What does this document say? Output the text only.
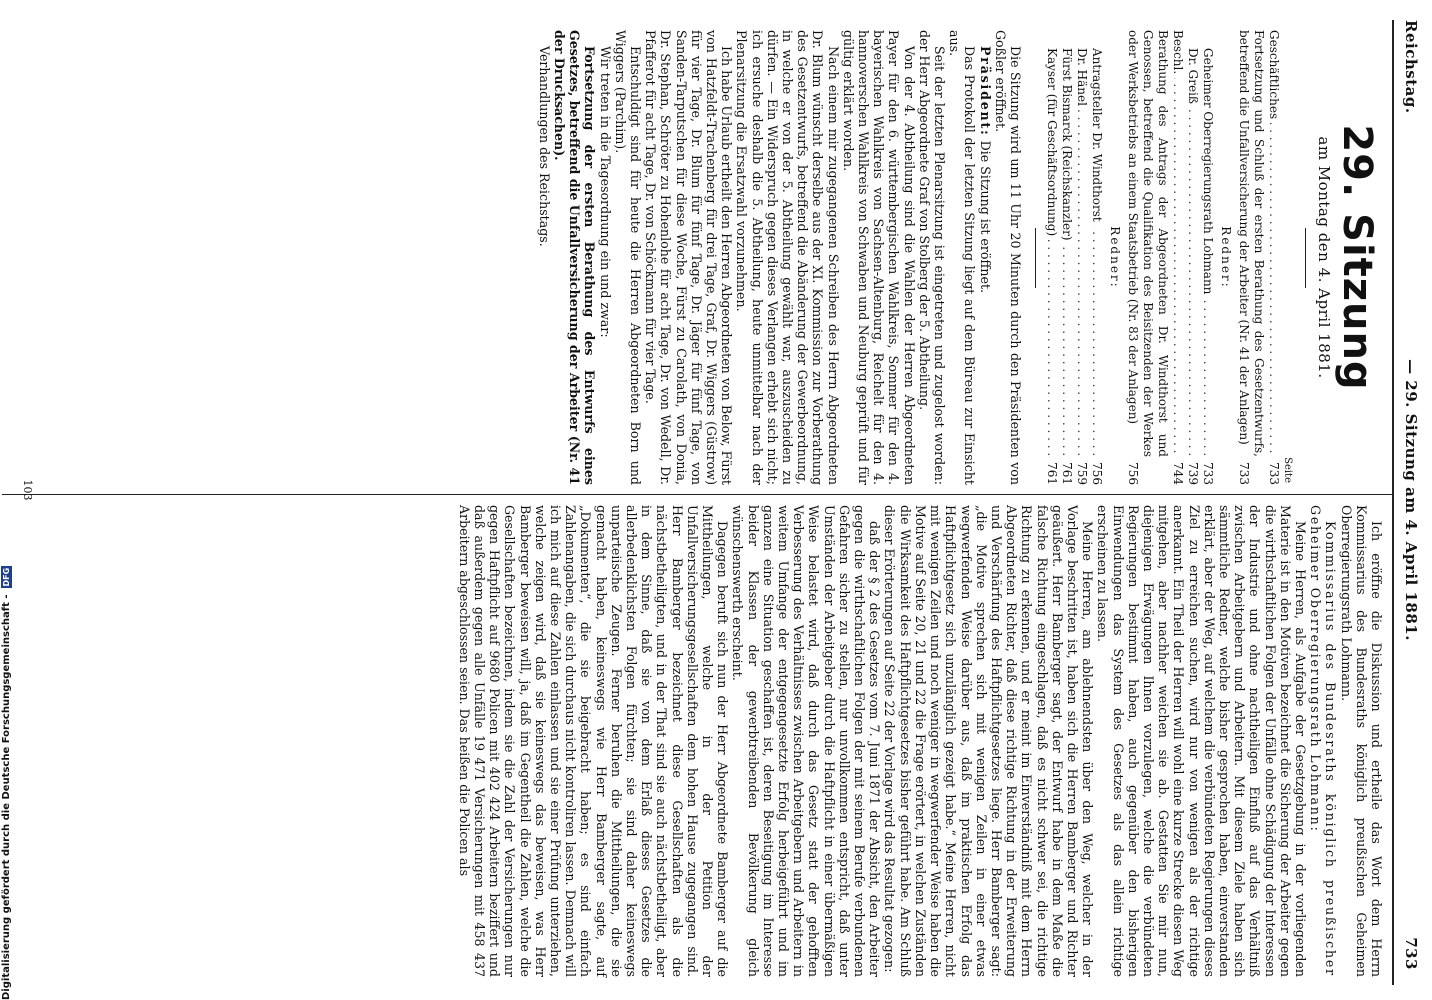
Reichstag.
— 29. Sitzung am 4. April 1881.
733
29. Sitzung
am Montag den 4. April 1881.
Seite
Geschäftliches . . .
733
Fortsetzung und Schluß der ersten Berathung des Gesetzentwurfs, betreffend die Unfallversicherung der Arbeiter (Nr. 41 der Anlagen)
733
Redner:
Geheimer Oberregierungsrath Lohmann . . .
733
Dr. Greiß . . .
739
Beschl. . . .
744
Berathung des Antrags der Abgeordneten Dr. Windthorst und Genossen, betreffend die Qualifikation des Beisitzenden der Werkes oder Werksbetriebs an einem Staatsbetrieb (Nr. 83 der Anlagen)
756
Redner:
Antragsteller Dr. Windthorst . . .
756
Dr. Hänel . . .
759
Fürst Bismarck (Reichskanzler) . . .
761
Kayser (für Geschäftsordnung) . . .
761

Die Sitzung wird um 11 Uhr 20 Minuten durch den Präsidenten von Goßler eröffnet.

Präsident: Die Sitzung ist eröffnet.

Das Protokoll der letzten Sitzung liegt auf dem Büreau zur Einsicht aus.

Seit der letzten Plenarsitzung ist eingetreten und zugelost worden: der Herr Abgeordnete Graf von Stolberg der 5. Abtheilung.

Von der 4. Abtheilung sind die Wahlen der Herren Abgeordneten Payer für den 6. württembergischen Wahlkreis, Sommer für den 4. bayerischen Wahlkreis von Sachsen-Altenburg, Reichelt für den 4. hannoverschen Wahlkreis von Schwaben und Neuburg geprüft und für gültig erklärt worden.

Nach einem mir zugegangenen Schreiben des Herrn Abgeordneten Dr. Blum wünscht derselbe aus der XI. Kommission zur Vorberathung des Gesetzentwurfs, betreffend die Abänderung der Gewerbeordnung, in welche er von der 5. Abtheilung gewählt war, auszuscheiden zu dürfen. — Ein Widerspruch gegen dieses Verlangen erhebt sich nicht; ich ersuche deshalb die 5. Abtheilung, heute unmittelbar nach der Plenarsitzung die Ersatzwahl vorzunehmen.

Ich habe Urlaub ertheilt den Herren Abgeordneten von Below, Fürst von Hatzfeldt-Trachenberg für drei Tage, Graf, Dr. Wiggers (Güstrow) für vier Tage, Dr. Blum für fünf Tage, Dr. Jäger für fünf Tage, von Sanden-Tarputschen für diese Woche, Fürst zu Carolath, von Donia, Dr. Stephan, Schröter zu Hohenlohe für acht Tage, Dr. von Wedell, Dr. Pfafferot für acht Tage, Dr. von Schöckmann für vier Tage.

Entschuldigt sind für heute die Herren Abgeordneten Born und Wiggers (Parchim).

Wir treten in die Tagesordnung ein und zwar:

Fortsetzung der ersten Berathung des Entwurfs eines Gesetzes, betreffend die Unfallversicherung der Arbeiter (Nr. 41 der Drucksachen).

Verhandlungen des Reichstags.

Ich eröffne die Diskussion und ertheile das Wort dem Herrn Kommissarius des Bundesraths königlich preußischen Geheimen Oberregierungsrath Lohmann.

Kommissarius des Bundesraths königlich preußischer Geheimer Oberregierungsrath Lohmann:

Meine Herren, als Aufgabe der Gesetzgebung in der vorliegenden Materie ist in den Motiven bezeichnet die Sicherung der Arbeiter gegen die wirthschaftlichen Folgen der Unfälle ohne Schädigung der Interessen der Industrie und ohne nachtheiligen Einfluß auf das Verhältniß zwischen Arbeitgebern und Arbeitern. Mit diesem Ziele haben sich sämmtliche Redner, welche bisher gesprochen haben, einverstanden erklärt, aber der Weg, auf welchem die verbündeten Regierungen dieses Ziel zu erreichen suchen, wird nur von wenigen als der richtige anerkannt. Ein Theil der Herren will wohl eine kurze Strecke diesen Weg mitgehen, aber nachher weichen sie ab. Gestatten Sie mir nun, diejenigen Erwägungen Ihnen vorzulegen, welche die verbündeten Regierungen bestimmt haben, auch gegenüber den bisherigen Einwendungen das System des Gesetzes als das allein richtige erscheinen zu lassen.

Meine Herren, am ablehnendsten über den Weg, welcher in der Vorlage beschritten ist, haben sich die Herren Bamberger und Richter geäußert. Herr Bamberger sagt, der Entwurf habe in dem Maße die falsche Richtung eingeschlagen, daß es nicht schwer sei, die richtige Richtung zu erkennen, und er meint im Einverständniß mit dem Herrn Abgeordneten Richter, daß diese richtige Richtung in der Erweiterung und Verschärfung des Haftpflichtgesetzes liege. Herr Bamberger sagt: „die Motive sprechen sich mit wenigen Zeilen in einer etwas wegwerfenden Weise darüber aus, daß im praktischen Erfolg das Haftpflichtgesetz sich unzulänglich gezeigt habe.“ Meine Herren, nicht mit wenigen Zeilen und noch weniger in wegwerfender Weise haben die Motive auf Seite 20, 21 und 22 die Frage erörtert, in welchen Zuständen die Wirksamkeit des Haftpflichtgesetzes bisher geführt habe. Am Schluß dieser Erörterungen auf Seite 22 der Vorlage wird das Resultat gezogen:

daß der § 2 des Gesetzes vom 7. Juni 1871 der Absicht, den Arbeiter gegen die wirthschaftlichen Folgen der mit seinem Berufe verbundenen Gefahren sicher zu stellen, nur unvollkommen entspricht, daß unter Umständen der Arbeitgeber durch die Haftpflicht in einer übermäßigen Weise belastet wird, daß durch das Gesetz statt der gehofften Verbesserung des Verhältnisses zwischen Arbeitgebern und Arbeitern in weitem Umfange der entgegengesetzte Erfolg herbeigeführt und im ganzen eine Situation geschaffen ist, deren Beseitigung im Interesse beider Klassen der gewerbtreibenden Bevölkerung gleich wünschenswerth erscheint.

Dagegen beruft sich nun der Herr Abgeordnete Bamberger auf die Mittheilungen, welche in der Petition der Unfallversicherungsgesellschaften dem hohen Hause zugegangen sind. Herr Bamberger bezeichnet diese Gesellschaften als die nächstbetheiligten, und in der That sind sie auch nächstbetheiligt, aber in dem Sinne, daß sie von dem Erlaß dieses Gesetzes die allerbedenklichsten Folgen fürchten; sie sind daher keineswegs unparteiische Zeugen. Ferner beruhen die Mittheilungen, die sie gemacht haben, keineswegs wie Herr Bamberger sagte, auf „Dokumenten“, die sie beigebracht haben; es sind einfach Zahlenangaben, die sich durchaus nicht kontroliren lassen. Demnach will ich mich auf diese Zahlen einlassen und sie einer Prüfung unterziehen, welche zeigen wird, daß sie keineswegs das beweisen, was Herr Bamberger beweisen will, ja, daß im Gegentheil die Zahlen, welche die Gesellschaften bezeichnen, indem sie die Zahl der Versicherungen nur gegen Haftpflicht auf 9680 Policen mit 402 424 Arbeitern beziffert und daß außerdem gegen alle Unfälle 19 471 Versicherungen mit 458 437 Arbeitern abgeschlossen seien. Das heißen die Policen als

103
Digitalisierung gefördert durch die Deutsche Forschungsgemeinschaft -DFG
